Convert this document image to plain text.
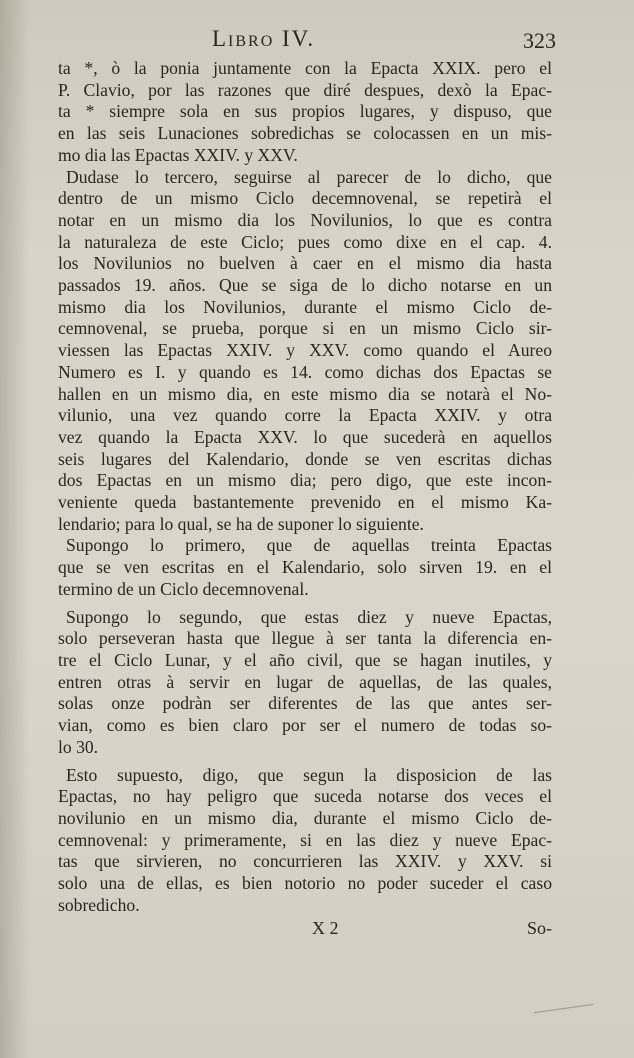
Libro IV.	323
ta *, ò la ponia juntamente con la Epacta XXIX. pero el
P. Clavio, por las razones que diré despues, dexò la Epac-
ta * siempre sola en sus propios lugares, y dispuso, que
en las seis Lunaciones sobredichas se colocassen en un mis-
mo dia las Epactas XXIV. y XXV.
Dudase lo tercero, seguirse al parecer de lo dicho, que
dentro de un mismo Ciclo decemnovenal, se repetirà el
notar en un mismo dia los Novilunios, lo que es contra
la naturaleza de este Ciclo; pues como dixe en el cap. 4.
los Novilunios no buelven à caer en el mismo dia hasta
passados 19. años. Que se siga de lo dicho notarse en un
mismo dia los Novilunios, durante el mismo Ciclo de-
cemnovenal, se prueba, porque si en un mismo Ciclo sir-
viessen las Epactas XXIV. y XXV. como quando el Aureo
Numero es I. y quando es 14. como dichas dos Epactas se
hallen en un mismo dia, en este mismo dia se notarà el No-
vilunio, una vez quando corre la Epacta XXIV. y otra
vez quando la Epacta XXV. lo que sucederà en aquellos
seis lugares del Kalendario, donde se ven escritas dichas
dos Epactas en un mismo dia; pero digo, que este incon-
veniente queda bastantemente prevenido en el mismo Ka-
lendario; para lo qual, se ha de suponer lo siguiente.
Supongo lo primero, que de aquellas treinta Epactas
que se ven escritas en el Kalendario, solo sirven 19. en el
termino de un Ciclo decemnovenal.
Supongo lo segundo, que estas diez y nueve Epactas,
solo perseveran hasta que llegue à ser tanta la diferencia en-
tre el Ciclo Lunar, y el año civil, que se hagan inutiles, y
entren otras à servir en lugar de aquellas, de las quales,
solas onze podràn ser diferentes de las que antes ser-
vian, como es bien claro por ser el numero de todas so-
lo 30.
Esto supuesto, digo, que segun la disposicion de las
Epactas, no hay peligro que suceda notarse dos veces el
novilunio en un mismo dia, durante el mismo Ciclo de-
cemnovenal: y primeramente, si en las diez y nueve Epac-
tas que sirvieren, no concurrieren las XXIV. y XXV. si
solo una de ellas, es bien notorio no poder suceder el caso
sobredicho.
X 2	So-
